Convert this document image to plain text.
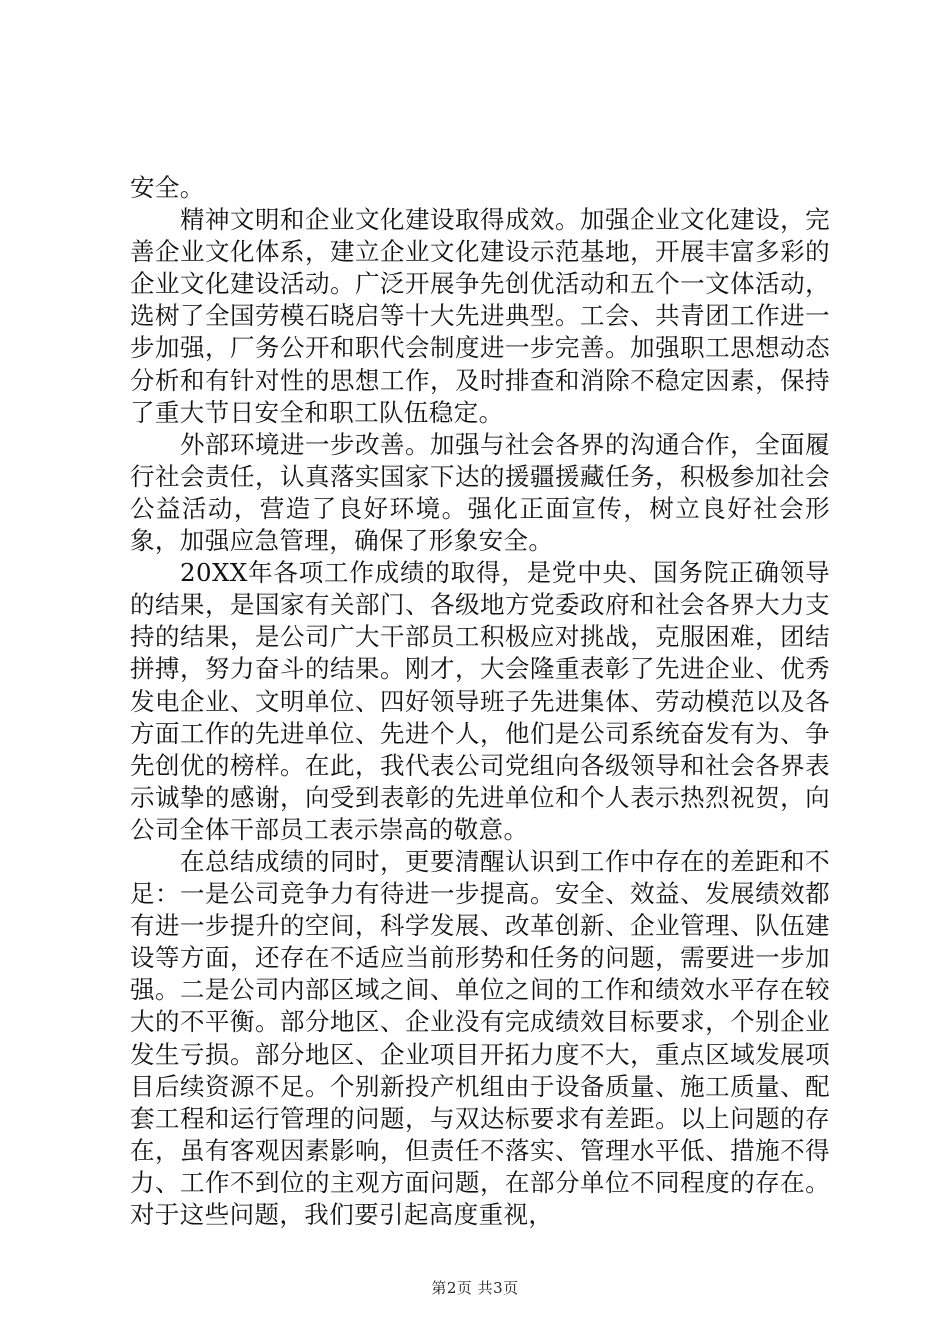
安全。

精神文明和企业文化建设取得成效。加强企业文化建设，完善企业文化体系，建立企业文化建设示范基地，开展丰富多彩的企业文化建设活动。广泛开展争先创优活动和五个一文体活动，选树了全国劳模石晓启等十大先进典型。工会、共青团工作进一步加强，厂务公开和职代会制度进一步完善。加强职工思想动态分析和有针对性的思想工作，及时排查和消除不稳定因素，保持了重大节日安全和职工队伍稳定。

外部环境进一步改善。加强与社会各界的沟通合作，全面履行社会责任，认真落实国家下达的援疆援藏任务，积极参加社会公益活动，营造了良好环境。强化正面宣传，树立良好社会形象，加强应急管理，确保了形象安全。

20XX年各项工作成绩的取得，是党中央、国务院正确领导的结果，是国家有关部门、各级地方党委政府和社会各界大力支持的结果，是公司广大干部员工积极应对挑战，克服困难，团结拼搏，努力奋斗的结果。刚才，大会隆重表彰了先进企业、优秀发电企业、文明单位、四好领导班子先进集体、劳动模范以及各方面工作的先进单位、先进个人，他们是公司系统奋发有为、争先创优的榜样。在此，我代表公司党组向各级领导和社会各界表示诚挚的感谢，向受到表彰的先进单位和个人表示热烈祝贺，向公司全体干部员工表示崇高的敬意。

在总结成绩的同时，更要清醒认识到工作中存在的差距和不足：一是公司竞争力有待进一步提高。安全、效益、发展绩效都有进一步提升的空间，科学发展、改革创新、企业管理、队伍建设等方面，还存在不适应当前形势和任务的问题，需要进一步加强。二是公司内部区域之间、单位之间的工作和绩效水平存在较大的不平衡。部分地区、企业没有完成绩效目标要求，个别企业发生亏损。部分地区、企业项目开拓力度不大，重点区域发展项目后续资源不足。个别新投产机组由于设备质量、施工质量、配套工程和运行管理的问题，与双达标要求有差距。以上问题的存在，虽有客观因素影响，但责任不落实、管理水平低、措施不得力、工作不到位的主观方面问题，在部分单位不同程度的存在。对于这些问题，我们要引起高度重视，

第2页 共3页
